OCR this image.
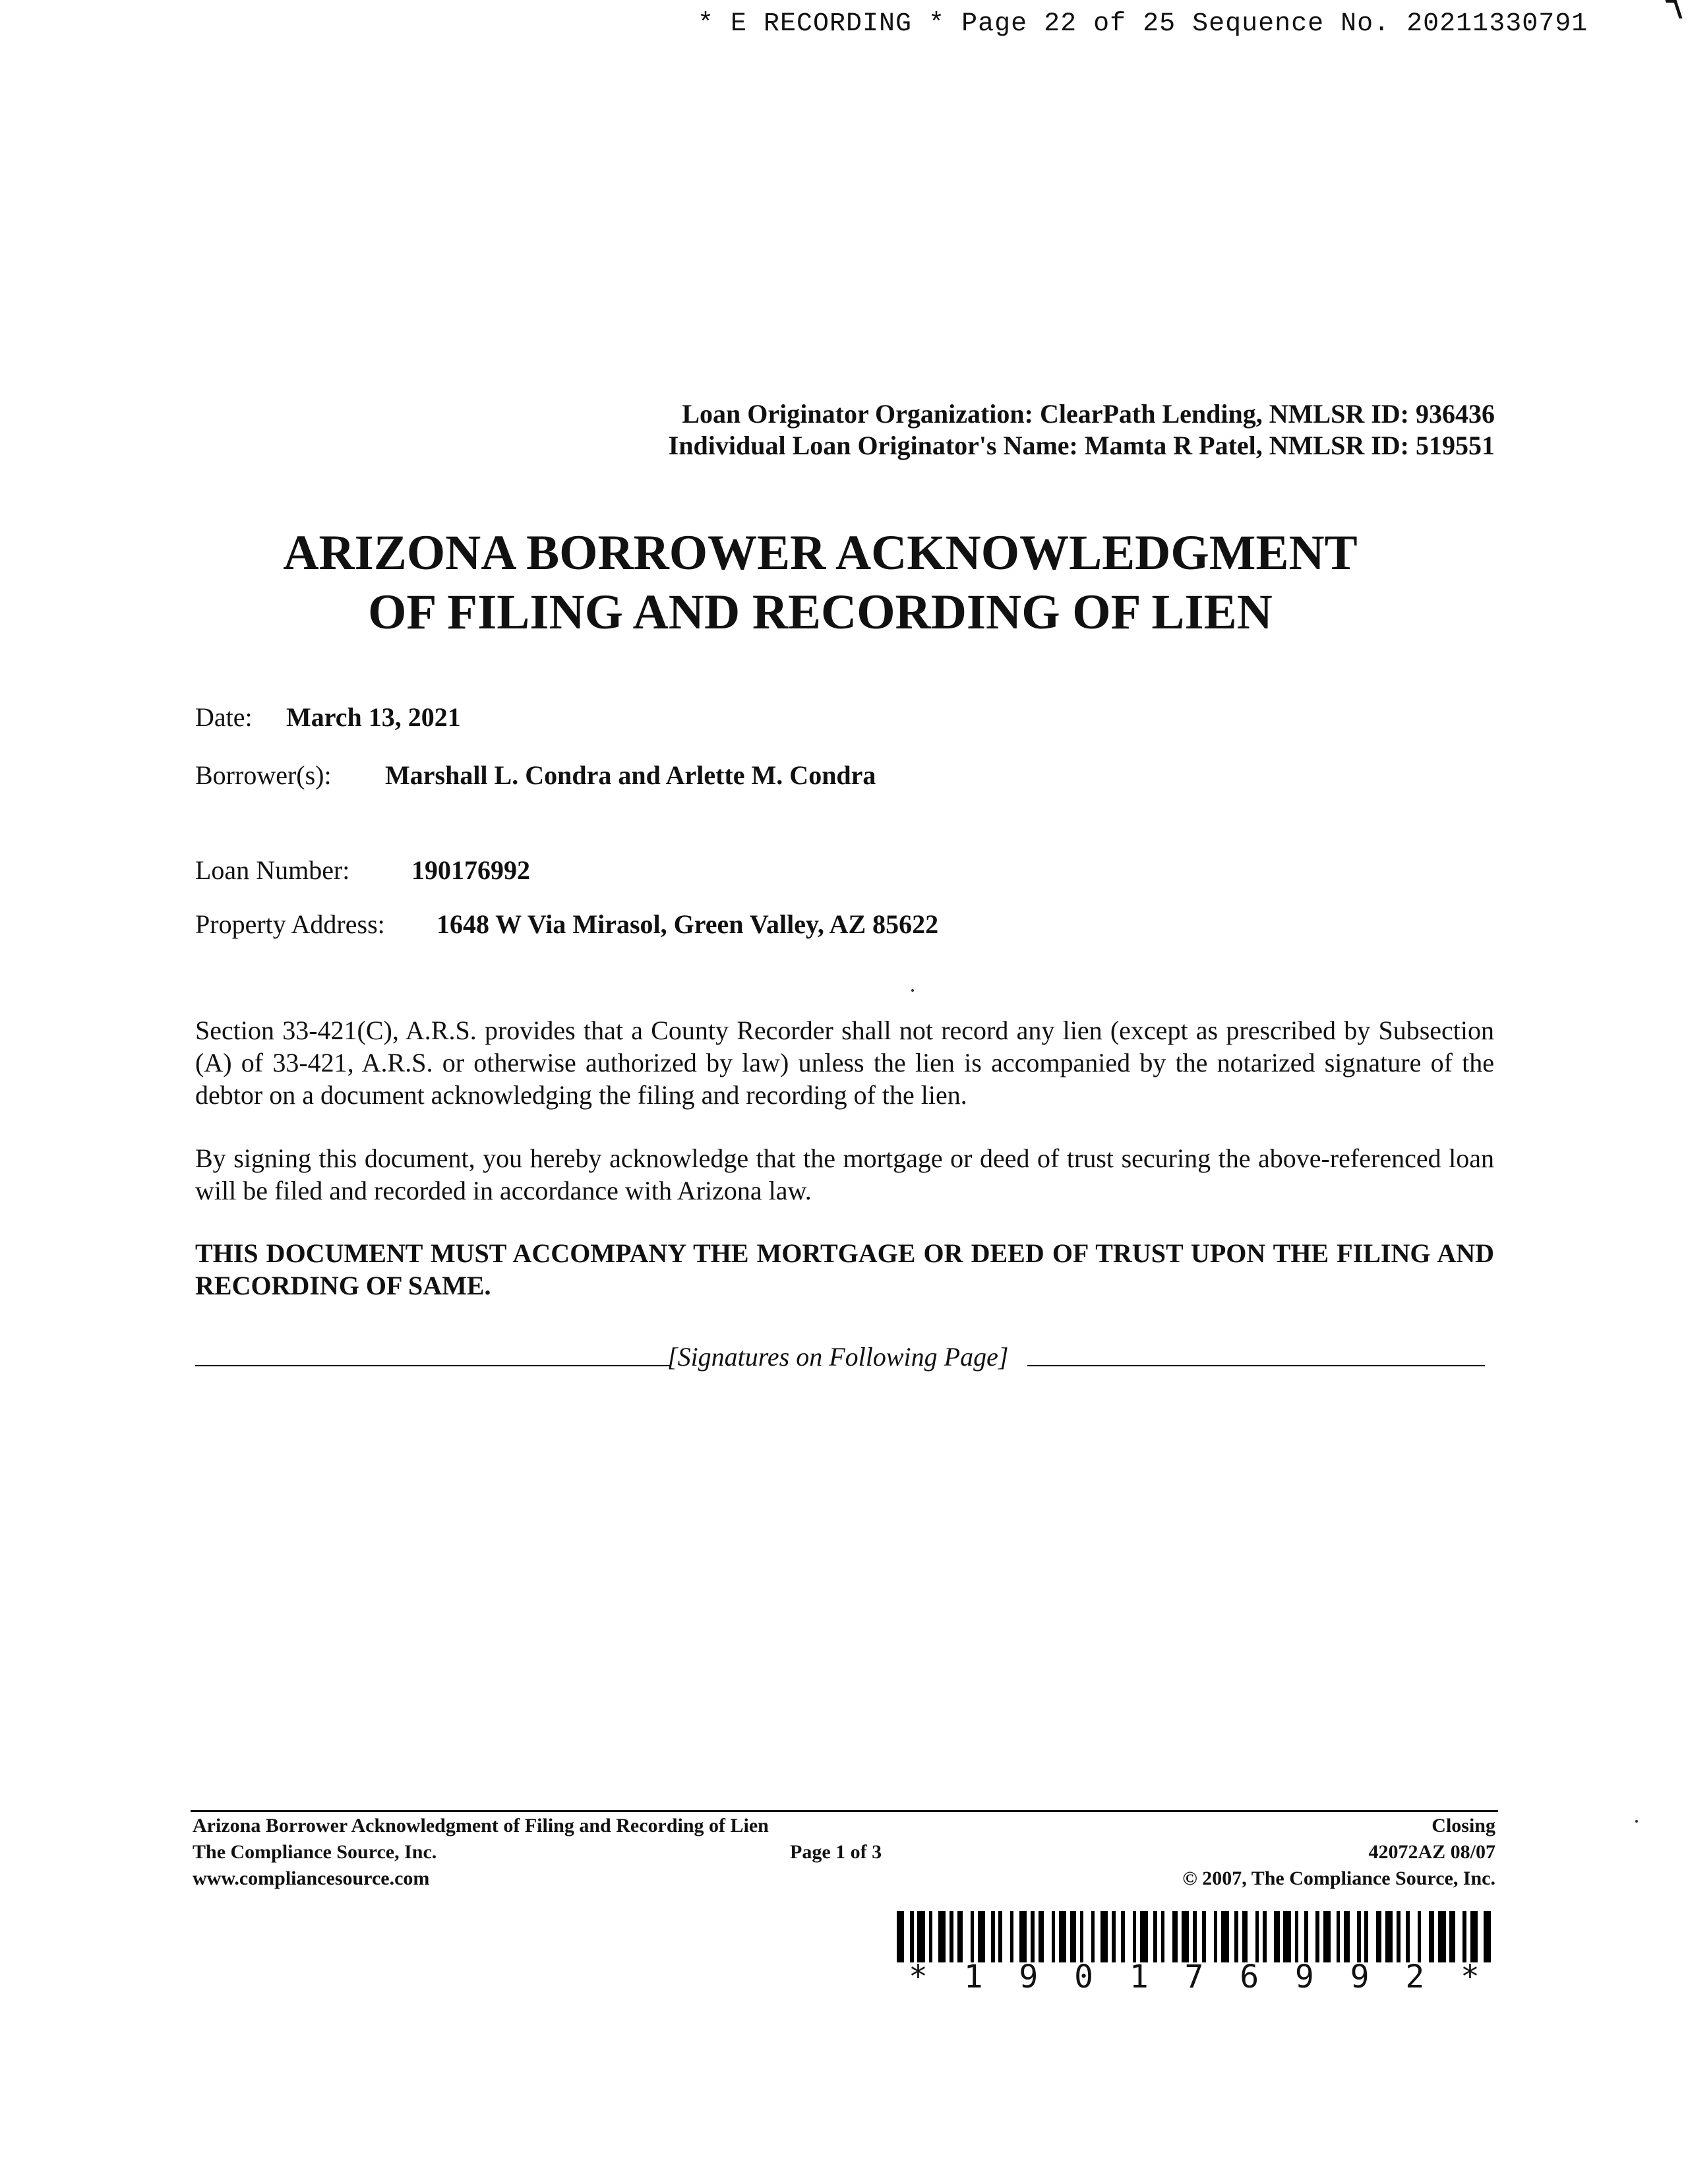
* E RECORDING * Page 22 of 25 Sequence No. 20211330791
Loan Originator Organization: ClearPath Lending, NMLSR ID: 936436
Individual Loan Originator's Name: Mamta R Patel, NMLSR ID: 519551
ARIZONA BORROWER ACKNOWLEDGMENT
OF FILING AND RECORDING OF LIEN
Date: March 13, 2021
Borrower(s): Marshall L. Condra and Arlette M. Condra
Loan Number: 190176992
Property Address: 1648 W Via Mirasol, Green Valley, AZ 85622
Section 33-421(C), A.R.S. provides that a County Recorder shall not record any lien (except as prescribed by Subsection (A) of 33-421, A.R.S. or otherwise authorized by law) unless the lien is accompanied by the notarized signature of the debtor on a document acknowledging the filing and recording of the lien.
By signing this document, you hereby acknowledge that the mortgage or deed of trust securing the above-referenced loan will be filed and recorded in accordance with Arizona law.
THIS DOCUMENT MUST ACCOMPANY THE MORTGAGE OR DEED OF TRUST UPON THE FILING AND RECORDING OF SAME.
[Signatures on Following Page]
Arizona Borrower Acknowledgment of Filing and Recording of Lien
The Compliance Source, Inc.
www.compliancesource.com
Page 1 of 3
Closing
42072AZ 08/07
© 2007, The Compliance Source, Inc.
* 1 9 0 1 7 6 9 9 2 *
